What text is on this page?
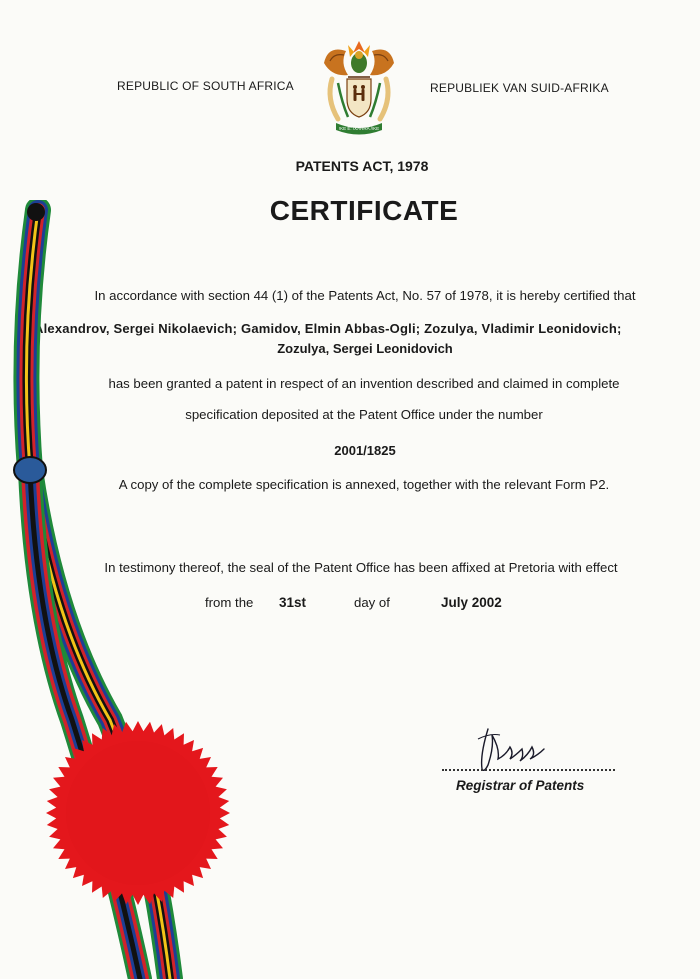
REPUBLIC OF SOUTH AFRICA	REPUBLIEK VAN SUID-AFRIKA
!KE E: /XARRA //KE
PATENTS ACT, 1978
CERTIFICATE
In accordance with section 44 (1) of the Patents Act, No. 57 of 1978, it is hereby certified that
Alexandrov, Sergei Nikolaevich; Gamidov, Elmin Abbas-Ogli; Zozulya, Vladimir Leonidovich;
Zozulya, Sergei Leonidovich
has been granted a patent in respect of an invention described and claimed in complete
specification deposited at the Patent Office under the number
2001/1825
A copy of the complete specification is annexed, together with the relevant Form P2.
In testimony thereof, the seal of the Patent Office has been affixed at Pretoria with effect
from the 31st	day of	July 2002
Registrar of Patents
